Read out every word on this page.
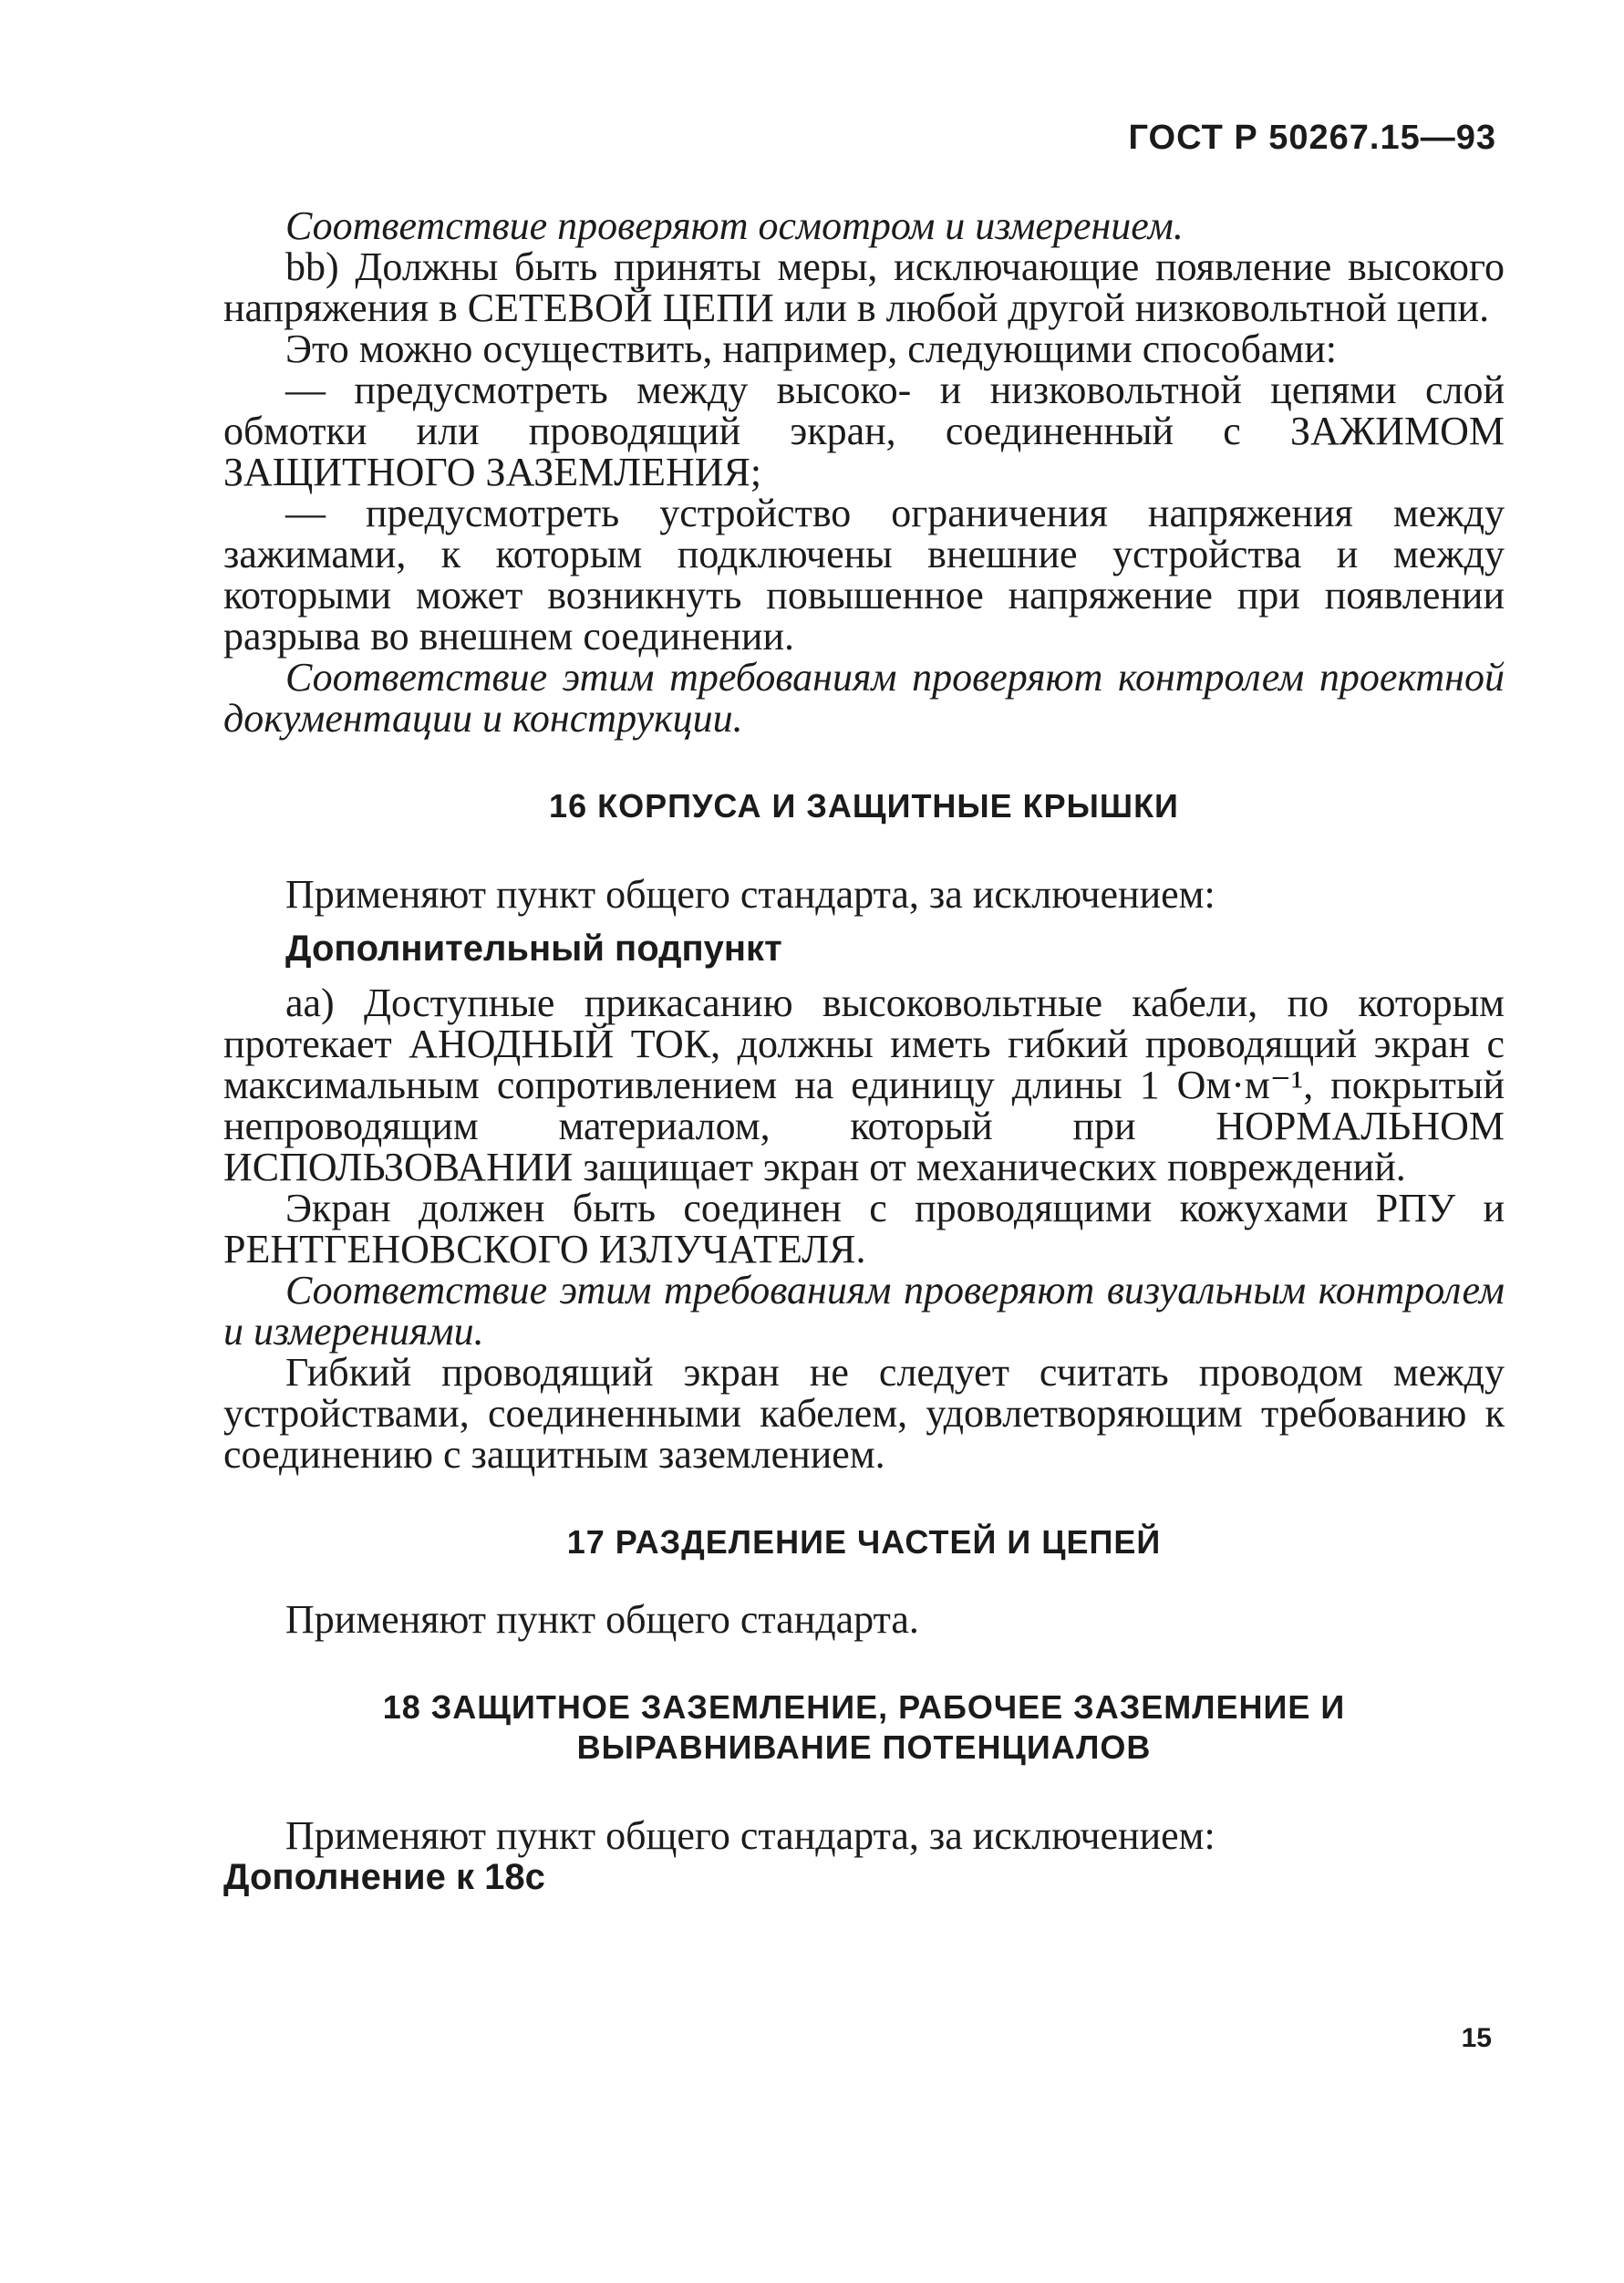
ГОСТ Р 50267.15—93

Соответствие проверяют осмотром и измерением.

bb) Должны быть приняты меры, исключающие появление высокого напряжения в СЕТЕВОЙ ЦЕПИ или в любой другой низковольтной цепи.

Это можно осуществить, например, следующими способами:

— предусмотреть между высоко- и низковольтной цепями слой обмотки или проводящий экран, соединенный с ЗАЖИМОМ ЗАЩИТНОГО ЗАЗЕМЛЕНИЯ;

— предусмотреть устройство ограничения напряжения между зажимами, к которым подключены внешние устройства и между которыми может возникнуть повышенное напряжение при появлении разрыва во внешнем соединении.

Соответствие этим требованиям проверяют контролем проектной документации и конструкции.

16 КОРПУСА И ЗАЩИТНЫЕ КРЫШКИ

Применяют пункт общего стандарта, за исключением:

Дополнительный подпункт

аа) Доступные прикасанию высоковольтные кабели, по которым протекает АНОДНЫЙ ТОК, должны иметь гибкий проводящий экран с максимальным сопротивлением на единицу длины 1 Ом·м⁻¹, покрытый непроводящим материалом, который при НОРМАЛЬНОМ ИСПОЛЬЗОВАНИИ защищает экран от механических повреждений.

Экран должен быть соединен с проводящими кожухами РПУ и РЕНТГЕНОВСКОГО ИЗЛУЧАТЕЛЯ.

Соответствие этим требованиям проверяют визуальным контролем и измерениями.

Гибкий проводящий экран не следует считать проводом между устройствами, соединенными кабелем, удовлетворяющим требованию к соединению с защитным заземлением.

17 РАЗДЕЛЕНИЕ ЧАСТЕЙ И ЦЕПЕЙ

Применяют пункт общего стандарта.

18 ЗАЩИТНОЕ ЗАЗЕМЛЕНИЕ, РАБОЧЕЕ ЗАЗЕМЛЕНИЕ И
ВЫРАВНИВАНИЕ ПОТЕНЦИАЛОВ

Применяют пункт общего стандарта, за исключением:

Дополнение к 18с
15
